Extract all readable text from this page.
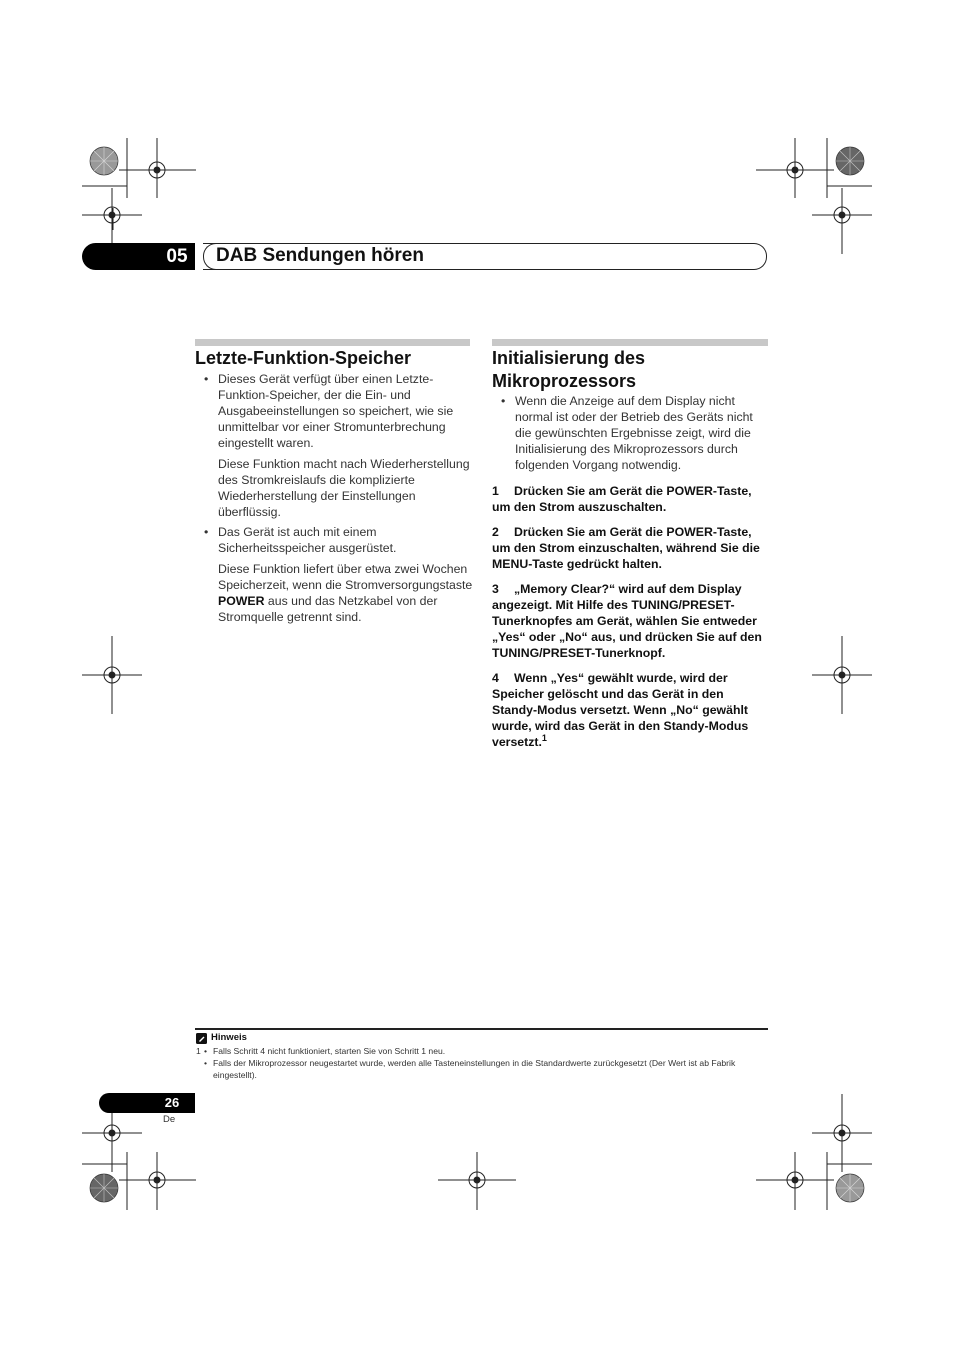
05	DAB Sendungen hören
Letzte-Funktion-Speicher

• Dieses Gerät verfügt über einen Letzte-Funktion-Speicher, der die Ein- und Ausgabeeinstellungen so speichert, wie sie unmittelbar vor einer Stromunterbrechung eingestellt waren.

Diese Funktion macht nach Wiederherstellung des Stromkreislaufs die komplizierte Wiederherstellung der Einstellungen überflüssig.

• Das Gerät ist auch mit einem Sicherheitsspeicher ausgerüstet.

Diese Funktion liefert über etwa zwei Wochen Speicherzeit, wenn die Stromversorgungstaste POWER aus und das Netzkabel von der Stromquelle getrennt sind.

Initialisierung des
Mikroprozessors

• Wenn die Anzeige auf dem Display nicht normal ist oder der Betrieb des Geräts nicht die gewünschten Ergebnisse zeigt, wird die Initialisierung des Mikroprozessors durch folgenden Vorgang notwendig.

1 Drücken Sie am Gerät die POWER-Taste, um den Strom auszuschalten.

2 Drücken Sie am Gerät die POWER-Taste, um den Strom einzuschalten, während Sie die MENU-Taste gedrückt halten.

3 „Memory Clear?“ wird auf dem Display angezeigt. Mit Hilfe des TUNING/PRESET-Tunerknopfes am Gerät, wählen Sie entweder „Yes“ oder „No“ aus, und drücken Sie auf den TUNING/PRESET-Tunerknopf.

4 Wenn „Yes“ gewählt wurde, wird der Speicher gelöscht und das Gerät in den Standy-Modus versetzt. Wenn „No“ gewählt wurde, wird das Gerät in den Standy-Modus versetzt.$^1$

Hinweis
1 • Falls Schritt 4 nicht funktioniert, starten Sie von Schritt 1 neu.
• Falls der Mikroprozessor neugestartet wurde, werden alle Tasteneinstellungen in die Standardwerte zurückgesetzt (Der Wert ist ab Fabrik eingestellt).
26
De
